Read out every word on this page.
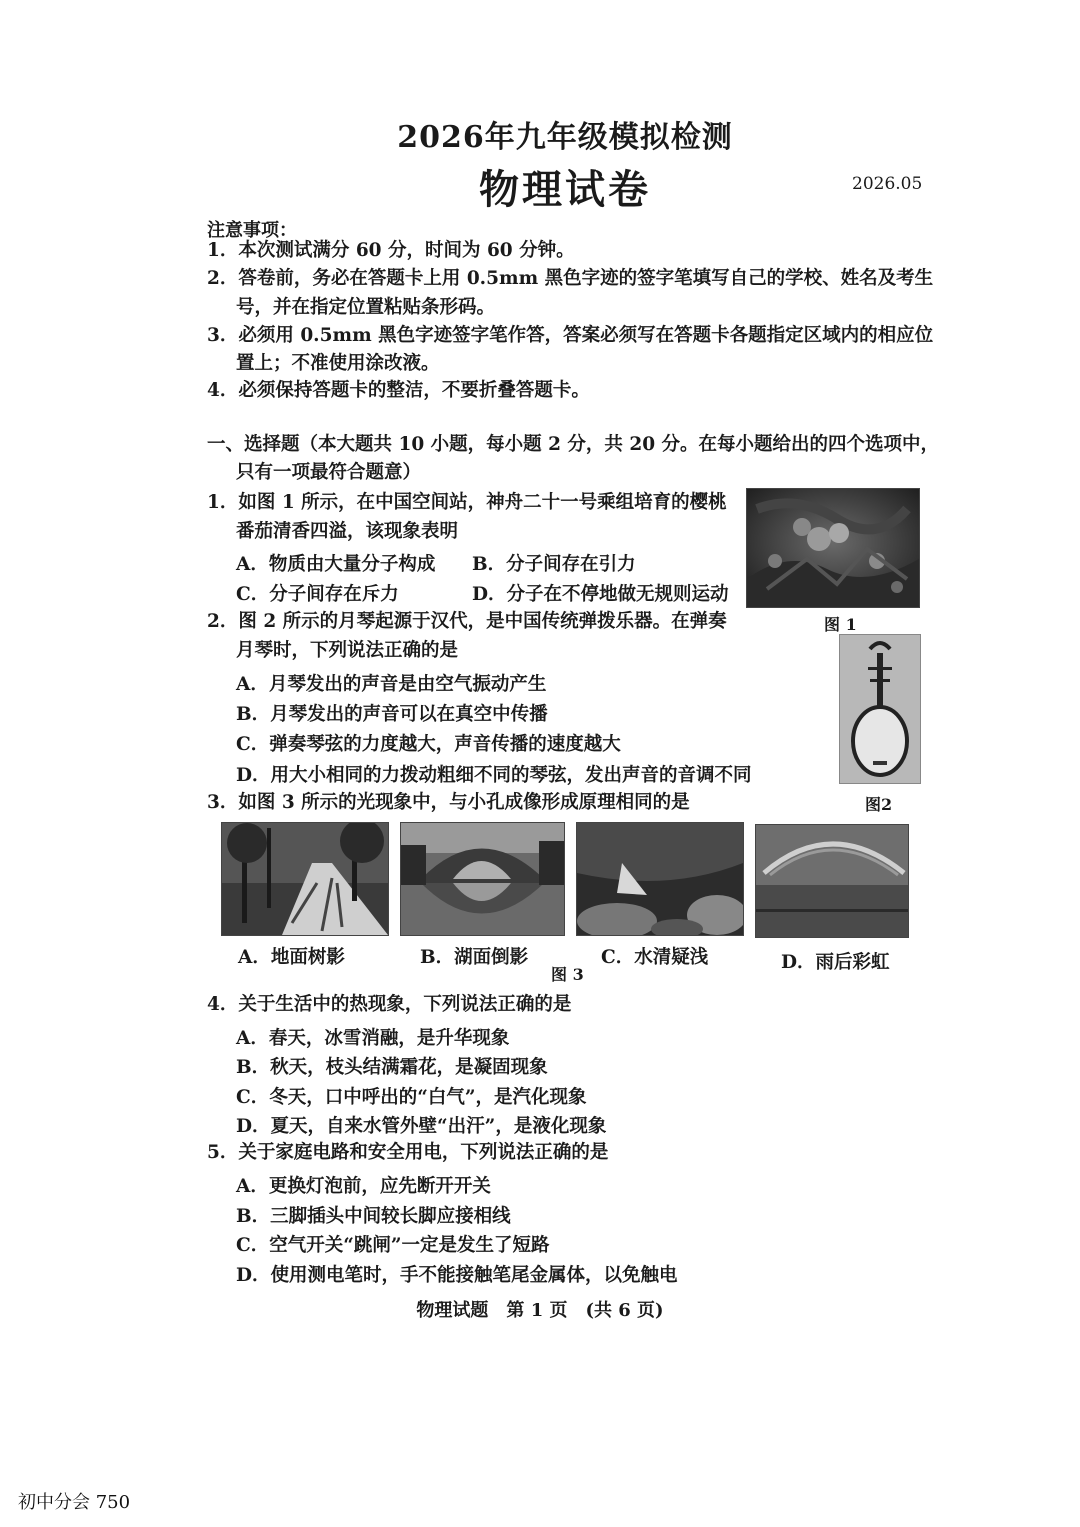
2026年九年级模拟检测
物理试卷	2026.05
注意事项：
1．本次测试满分 60 分，时间为 60 分钟。
2．答卷前，务必在答题卡上用 0.5mm 黑色字迹的签字笔填写自己的学校、姓名及考生
号，并在指定位置粘贴条形码。
3．必须用 0.5mm 黑色字迹签字笔作答，答案必须写在答题卡各题指定区域内的相应位
置上；不准使用涂改液。
4．必须保持答题卡的整洁，不要折叠答题卡。
一、选择题（本大题共 10 小题，每小题 2 分，共 20 分。在每小题给出的四个选项中，
只有一项最符合题意）
1．如图 1 所示，在中国空间站，神舟二十一号乘组培育的樱桃
番茄清香四溢，该现象表明
A．物质由大量分子构成 B．分子间存在引力
C．分子间存在斥力	D．分子在不停地做无规则运动
图 1
2．图 2 所示的月琴起源于汉代，是中国传统弹拨乐器。在弹奏
月琴时，下列说法正确的是
A．月琴发出的声音是由空气振动产生
B．月琴发出的声音可以在真空中传播
C．弹奏琴弦的力度越大，声音传播的速度越大
D．用大小相同的力拨动粗细不同的琴弦，发出声音的音调不同
图2
3．如图 3 所示的光现象中，与小孔成像形成原理相同的是
A．地面树影	B．湖面倒影
图 3
C．水清疑浅	D．雨后彩虹
4．关于生活中的热现象，下列说法正确的是
A．春天，冰雪消融，是升华现象
B．秋天，枝头结满霜花，是凝固现象
C．冬天，口中呼出的“白气”，是汽化现象
D．夏天，自来水管外壁“出汗”，是液化现象
5．关于家庭电路和安全用电，下列说法正确的是
A．更换灯泡前，应先断开开关
B．三脚插头中间较长脚应接相线
C．空气开关“跳闸”一定是发生了短路
D．使用测电笔时，手不能接触笔尾金属体，以免触电
物理试题　第 1 页　(共 6 页)
初中分会 750
